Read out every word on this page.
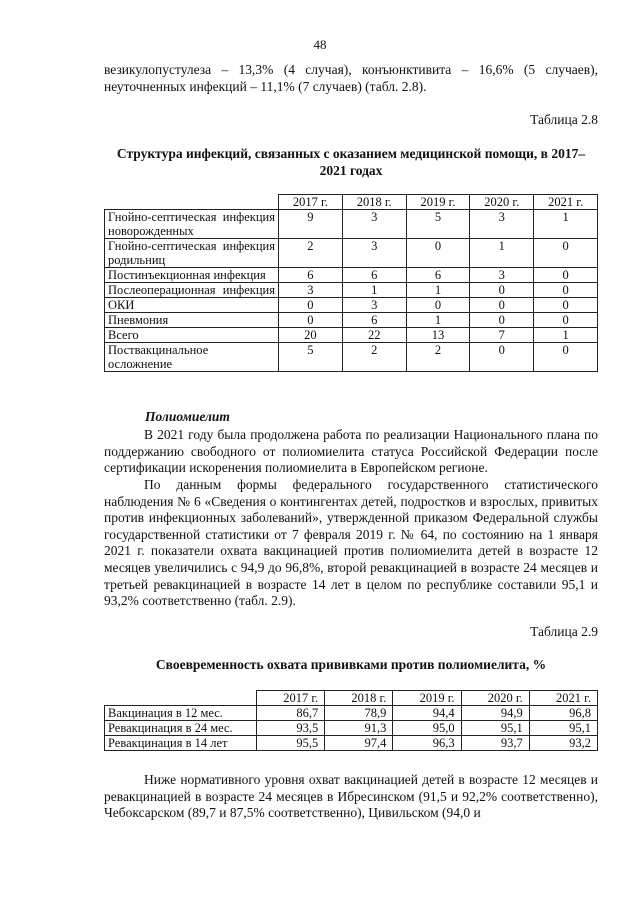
48

везикулопустулеза – 13,3% (4 случая), конъюнктивита – 16,6% (5 случаев), неуточненных инфекций – 11,1% (7 случаев) (табл. 2.8).

Таблица 2.8
Структура инфекций, связанных с оказанием медицинской помощи, в 2017–2021 годах
	2017 г.	2018 г.	2019 г.	2020 г.	2021 г.
Гнойно-септическая инфекция новорожденных	9	3	5	3	1
Гнойно-септическая инфекция родильниц	2	3	0	1	0
Постинъекционная инфекция	6	6	6	3	0
Послеоперационная инфекция	3	1	1	0	0
ОКИ	0	3	0	0	0
Пневмония	0	6	1	0	0
Всего	20	22	13	7	1
Поствакцинальное осложнение	5	2	2	0	0
Полиомиелит

В 2021 году была продолжена работа по реализации Национального плана по поддержанию свободного от полиомиелита статуса Российской Федерации после сертификации искоренения полиомиелита в Европейском регионе.

По данным формы федерального государственного статистического наблюдения № 6 «Сведения о контингентах детей, подростков и взрослых, привитых против инфекционных заболеваний», утвержденной приказом Федеральной службы государственной статистики от 7 февраля 2019 г. № 64, по состоянию на 1 января 2021 г. показатели охвата вакцинацией против полиомиелита детей в возрасте 12 месяцев увеличились с 94,9 до 96,8%, второй ревакцинацией в возрасте 24 месяцев и третьей ревакцинацией в возрасте 14 лет в целом по республике составили 95,1 и 93,2% соответственно (табл. 2.9).

Таблица 2.9
Своевременность охвата прививками против полиомиелита, %
	2017 г.	2018 г.	2019 г.	2020 г.	2021 г.
Вакцинация в 12 мес.	86,7	78,9	94,4	94,9	96,8
Ревакцинация в 24 мес.	93,5	91,3	95,0	95,1	95,1
Ревакцинация в 14 лет	95,5	97,4	96,3	93,7	93,2

Ниже нормативного уровня охват вакцинацией детей в возрасте 12 месяцев и ревакцинацией в возрасте 24 месяцев в Ибресинском (91,5 и 92,2% соответственно), Чебоксарском (89,7 и 87,5% соответственно), Цивильском (94,0 и
